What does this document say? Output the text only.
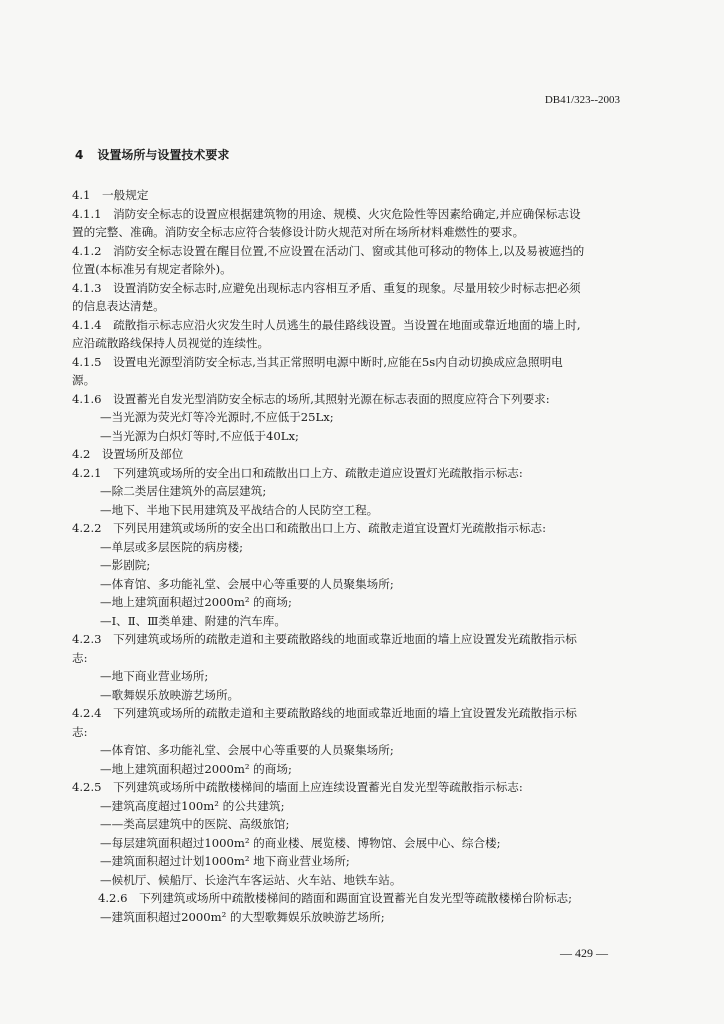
DB41/323--2003
4 设置场所与设置技术要求
4.1　一般规定
4.1.1　消防安全标志的设置应根据建筑物的用途、规模、火灾危险性等因素给确定,并应确保标志设
置的完整、准确。消防安全标志应符合装修设计防火规范对所在场所材料难燃性的要求。
4.1.2　消防安全标志设置在醒目位置,不应设置在活动门、窗或其他可移动的物体上,以及易被遮挡的
位置(本标准另有规定者除外)。
4.1.3　设置消防安全标志时,应避免出现标志内容相互矛盾、重复的现象。尽量用较少时标志把必须
的信息表达清楚。
4.1.4　疏散指示标志应沿火灾发生时人员逃生的最佳路线设置。当设置在地面或靠近地面的墙上时,
应沿疏散路线保持人员视觉的连续性。
4.1.5　设置电光源型消防安全标志,当其正常照明电源中断时,应能在5s内自动切换成应急照明电
源。
4.1.6　设置蓄光自发光型消防安全标志的场所,其照射光源在标志表面的照度应符合下列要求:
—当光源为荧光灯等冷光源时,不应低于25Lx;
—当光源为白炽灯等时,不应低于40Lx;
4.2　设置场所及部位
4.2.1　下列建筑或场所的安全出口和疏散出口上方、疏散走道应设置灯光疏散指示标志:
—除二类居住建筑外的高层建筑;
—地下、半地下民用建筑及平战结合的人民防空工程。
4.2.2　下列民用建筑或场所的安全出口和疏散出口上方、疏散走道宜设置灯光疏散指示标志:
—单层或多层医院的病房楼;
—影剧院;
—体育馆、多功能礼堂、会展中心等重要的人员聚集场所;
—地上建筑面积超过2000m² 的商场;
—Ⅰ、Ⅱ、Ⅲ类单建、附建的汽车库。
4.2.3　下列建筑或场所的疏散走道和主要疏散路线的地面或靠近地面的墙上应设置发光疏散指示标
志:
—地下商业营业场所;
—歌舞娱乐放映游艺场所。
4.2.4　下列建筑或场所的疏散走道和主要疏散路线的地面或靠近地面的墙上宜设置发光疏散指示标
志:
—体育馆、多功能礼堂、会展中心等重要的人员聚集场所;
—地上建筑面积超过2000m² 的商场;
4.2.5　下列建筑或场所中疏散楼梯间的墙面上应连续设置蓄光自发光型等疏散指示标志:
—建筑高度超过100m² 的公共建筑;
——类高层建筑中的医院、高级旅馆;
—每层建筑面积超过1000m² 的商业楼、展览楼、博物馆、会展中心、综合楼;
—建筑面积超过计划1000m² 地下商业营业场所;
—候机厅、候船厅、长途汽车客运站、火车站、地铁车站。
4.2.6　下列建筑或场所中疏散楼梯间的踏面和踢面宜设置蓄光自发光型等疏散楼梯台阶标志;
—建筑面积超过2000m² 的大型歌舞娱乐放映游艺场所;
— 429 —
